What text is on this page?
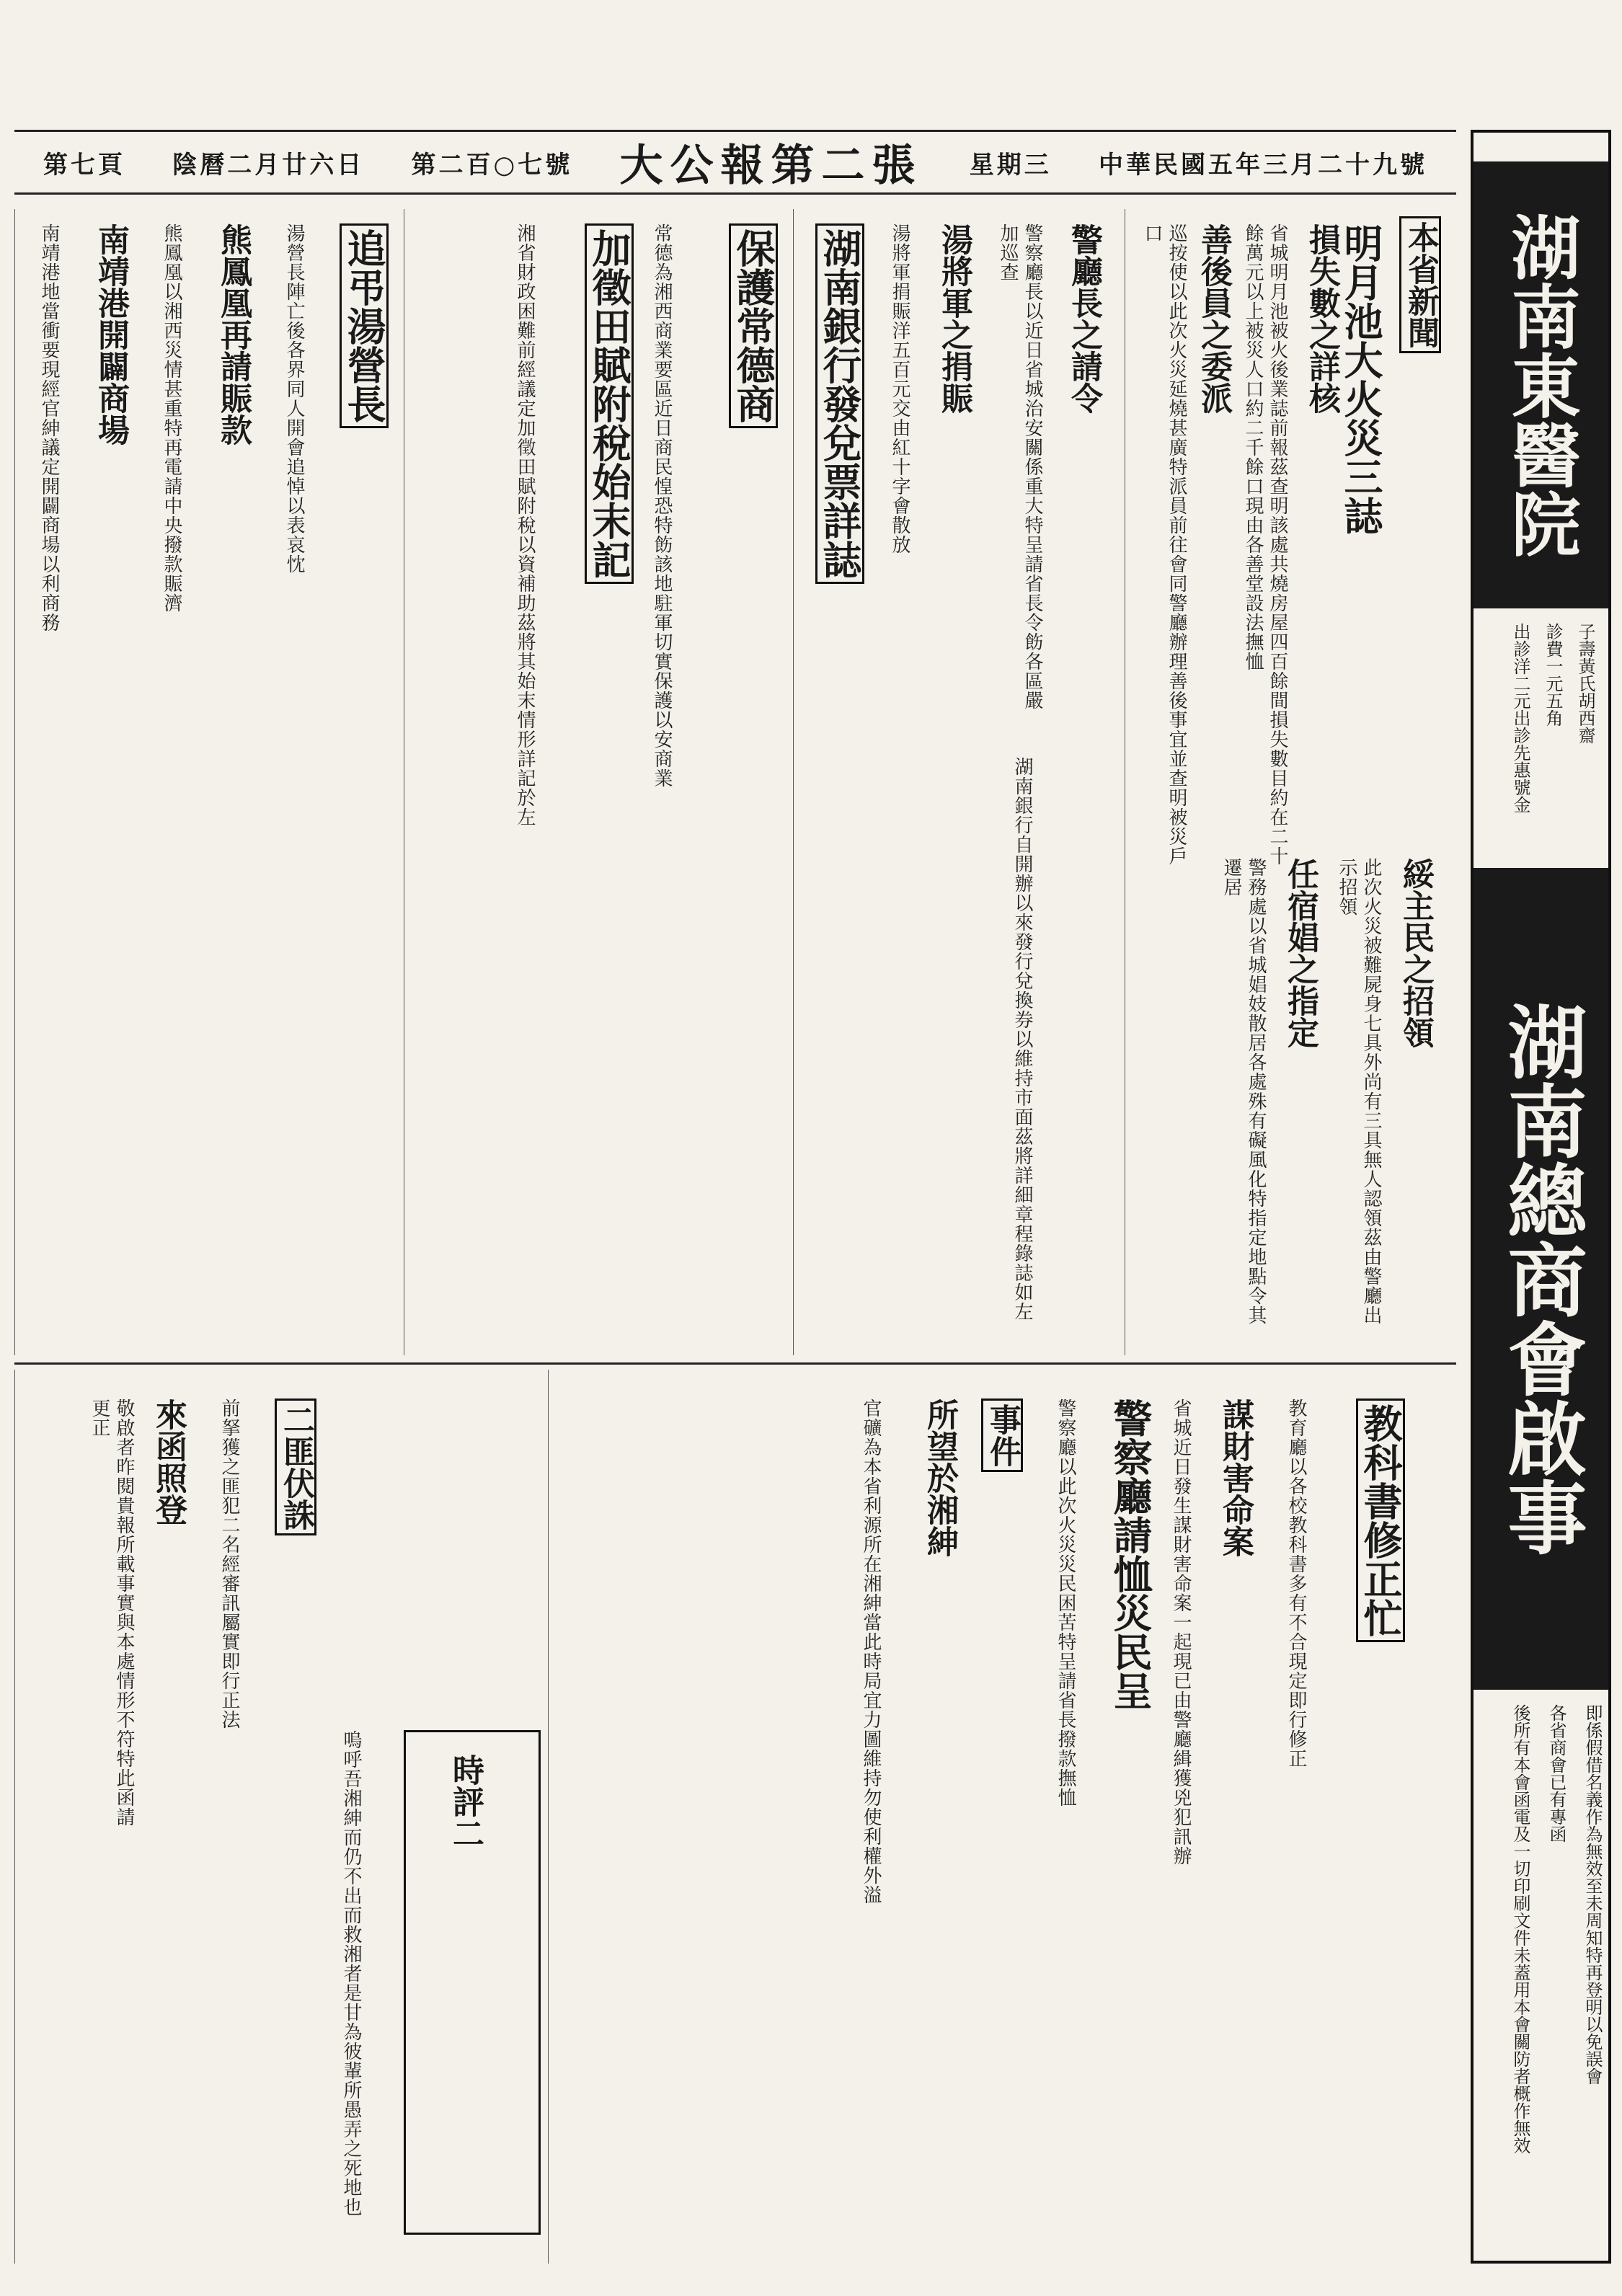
第七頁 陰曆二月廿六日 第二百○七號 大公報第二張 星期三 中華民國五年三月二十九號
本省新聞
明月池大火災三誌
損失數之詳核
省城明月池被火後業誌前報茲查明該處共燒房屋四百餘間損失數目約在二十餘萬元以上被災人口約二千餘口現由各善堂設法撫恤
善後員之委派
巡按使以此次火災延燒甚廣特派員前往會同警廳辦理善後事宜並查明被災戶口
綏主民之招領
此次火災被難屍身七具外尚有三具無人認領茲由警廳出示招領
任宿娼之指定
警務處以省城娼妓散居各處殊有礙風化特指定地點令其遷居
警廳長之請令
警察廳長以近日省城治安關係重大特呈請省長令飭各區嚴加巡查
湯將軍之捐賑
湯將軍捐賑洋五百元交由紅十字會散放
湖南銀行發兌票詳誌
湖南銀行自開辦以來發行兌換券以維持市面茲將詳細章程錄誌如左
保護常德商
常德為湘西商業要區近日商民惶恐特飭該地駐軍切實保護以安商業
加徵田賦附稅始末記
湘省財政困難前經議定加徵田賦附稅以資補助茲將其始末情形詳記於左
追弔湯營長
湯營長陣亡後各界同人開會追悼以表哀忱
熊鳳凰再請賑款
熊鳳凰以湘西災情甚重特再電請中央撥款賑濟
南靖港開闢商場
南靖港地當衝要現經官紳議定開闢商場以利商務
教科書修正忙
教育廳以各校教科書多有不合現定即行修正
謀財害命案
省城近日發生謀財害命案一起現已由警廳緝獲兇犯訊辦
警察廳請恤災民呈
警察廳以此次火災災民困苦特呈請省長撥款撫恤
事件
所望於湘紳
官礦為本省利源所在湘紳當此時局宜力圖維持勿使利權外溢
時評二
嗚呼吾湘紳而仍不出而救湘者是甘為彼輩所愚弄之死地也
二匪伏誅
前拏獲之匪犯二名經審訊屬實即行正法
來函照登
敬啟者昨閱貴報所載事實與本處情形不符特此函請更正
湖南東醫院
子壽黃氏胡西齋
診費一元五角
出診洋二元出診先惠號金
湖南總商會啟事
即係假借名義作為無效至未周知特再登明以免誤會
各省商會已有專函
後所有本會函電及一切印刷文件未蓋用本會關防者概作無效
